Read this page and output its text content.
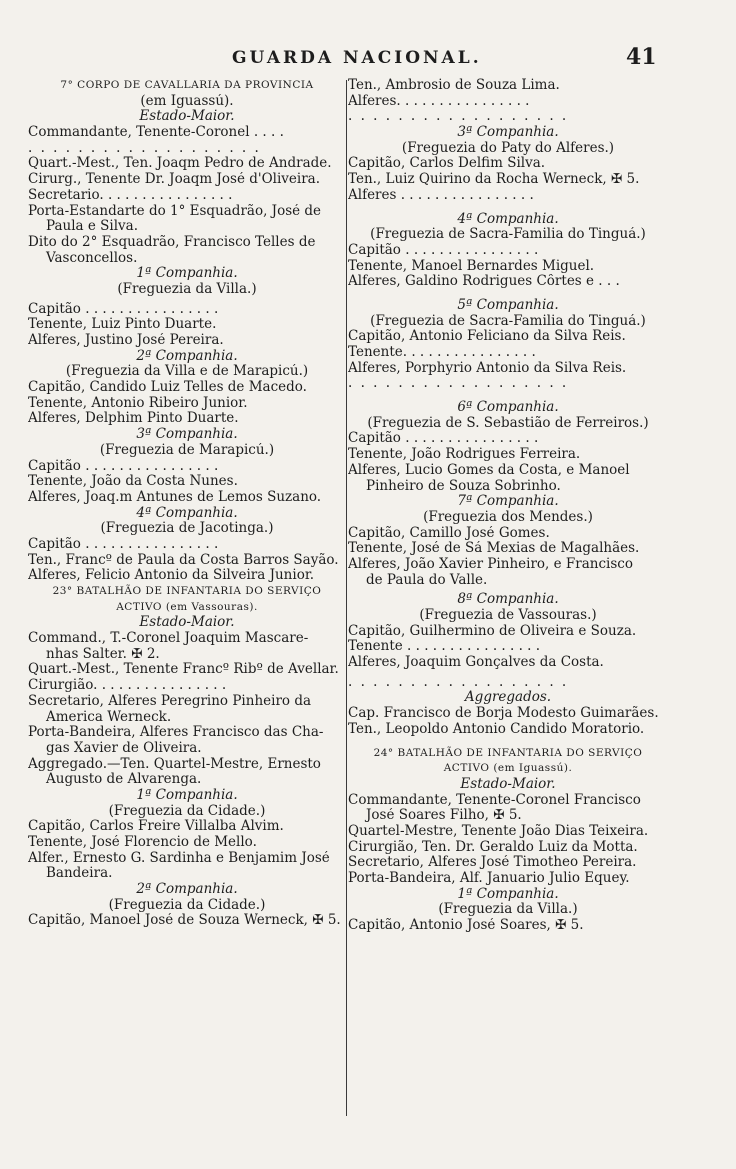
GUARDA NACIONAL.	41
7° CORPO DE CAVALLARIA DA PROVINCIA
(em Iguassú).
Estado-Maior.
Commandante, Tenente-Coronel . . . .
. . . . . . . . . . . . . . . . . . .
Quart.-Mest., Ten. Joaqm Pedro de Andrade.
Cirurg., Tenente Dr. Joaqm José d'Oliveira.
Secretario. . . . . . . . . . . . . . . .
Porta-Estandarte do 1° Esquadrão, José de
Paula e Silva.
Dito do 2° Esquadrão, Francisco Telles de
Vasconcellos.
1ª Companhia.
(Freguezia da Villa.)
Capitão . . . . . . . . . . . . . . . .
Tenente, Luiz Pinto Duarte.
Alferes, Justino José Pereira.
2ª Companhia.
(Freguezia da Villa e de Marapicú.)
Capitão, Candido Luiz Telles de Macedo.
Tenente, Antonio Ribeiro Junior.
Alferes, Delphim Pinto Duarte.
3ª Companhia.
(Freguezia de Marapicú.)
Capitão . . . . . . . . . . . . . . . .
Tenente, João da Costa Nunes.
Alferes, Joaq.m Antunes de Lemos Suzano.
4ª Companhia.
(Freguezia de Jacotinga.)
Capitão . . . . . . . . . . . . . . . .
Ten., Francº de Paula da Costa Barros Sayão.
Alferes, Felicio Antonio da Silveira Junior.
23° BATALHÃO DE INFANTARIA DO SERVIÇO
ACTIVO (em Vassouras).
Estado-Maior.
Command., T.-Coronel Joaquim Mascare-
nhas Salter. ✠ 2.
Quart.-Mest., Tenente Francº Ribº de Avellar.
Cirurgião. . . . . . . . . . . . . . . .
Secretario, Alferes Peregrino Pinheiro da
America Werneck.
Porta-Bandeira, Alferes Francisco das Cha-
gas Xavier de Oliveira.
Aggregado.—Ten. Quartel-Mestre, Ernesto
Augusto de Alvarenga.
1ª Companhia.
(Freguezia da Cidade.)
Capitão, Carlos Freire Villalba Alvim.
Tenente, José Florencio de Mello.
Alfer., Ernesto G. Sardinha e Benjamim José
Bandeira.
2ª Companhia.
(Freguezia da Cidade.)
Capitão, Manoel José de Souza Werneck, ✠ 5.
Ten., Ambrosio de Souza Lima.
Alferes. . . . . . . . . . . . . . . .
. . . . . . . . . . . . . . . . . .
3ª Companhia.
(Freguezia do Paty do Alferes.)
Capitão, Carlos Delfim Silva.
Ten., Luiz Quirino da Rocha Werneck, ✠ 5.
Alferes . . . . . . . . . . . . . . . .
4ª Companhia.
(Freguezia de Sacra-Familia do Tinguá.)
Capitão . . . . . . . . . . . . . . . .
Tenente, Manoel Bernardes Miguel.
Alferes, Galdino Rodrigues Côrtes e . . .
5ª Companhia.
(Freguezia de Sacra-Familia do Tinguá.)
Capitão, Antonio Feliciano da Silva Reis.
Tenente. . . . . . . . . . . . . . . .
Alferes, Porphyrio Antonio da Silva Reis.
. . . . . . . . . . . . . . . . . .
6ª Companhia.
(Freguezia de S. Sebastião de Ferreiros.)
Capitão . . . . . . . . . . . . . . . .
Tenente, João Rodrigues Ferreira.
Alferes, Lucio Gomes da Costa, e Manoel
Pinheiro de Souza Sobrinho.
7ª Companhia.
(Freguezia dos Mendes.)
Capitão, Camillo José Gomes.
Tenente, José de Sá Mexias de Magalhães.
Alferes, João Xavier Pinheiro, e Francisco
de Paula do Valle.
8ª Companhia.
(Freguezia de Vassouras.)
Capitão, Guilhermino de Oliveira e Souza.
Tenente . . . . . . . . . . . . . . . .
Alferes, Joaquim Gonçalves da Costa.
. . . . . . . . . . . . . . . . . .
Aggregados.
Cap. Francisco de Borja Modesto Guimarães.
Ten., Leopoldo Antonio Candido Moratorio.
24° BATALHÃO DE INFANTARIA DO SERVIÇO
ACTIVO (em Iguassú).
Estado-Maior.
Commandante, Tenente-Coronel Francisco
José Soares Filho, ✠ 5.
Quartel-Mestre, Tenente João Dias Teixeira.
Cirurgião, Ten. Dr. Geraldo Luiz da Motta.
Secretario, Alferes José Timotheo Pereira.
Porta-Bandeira, Alf. Januario Julio Equey.
1ª Companhia.
(Freguezia da Villa.)
Capitão, Antonio José Soares, ✠ 5.
